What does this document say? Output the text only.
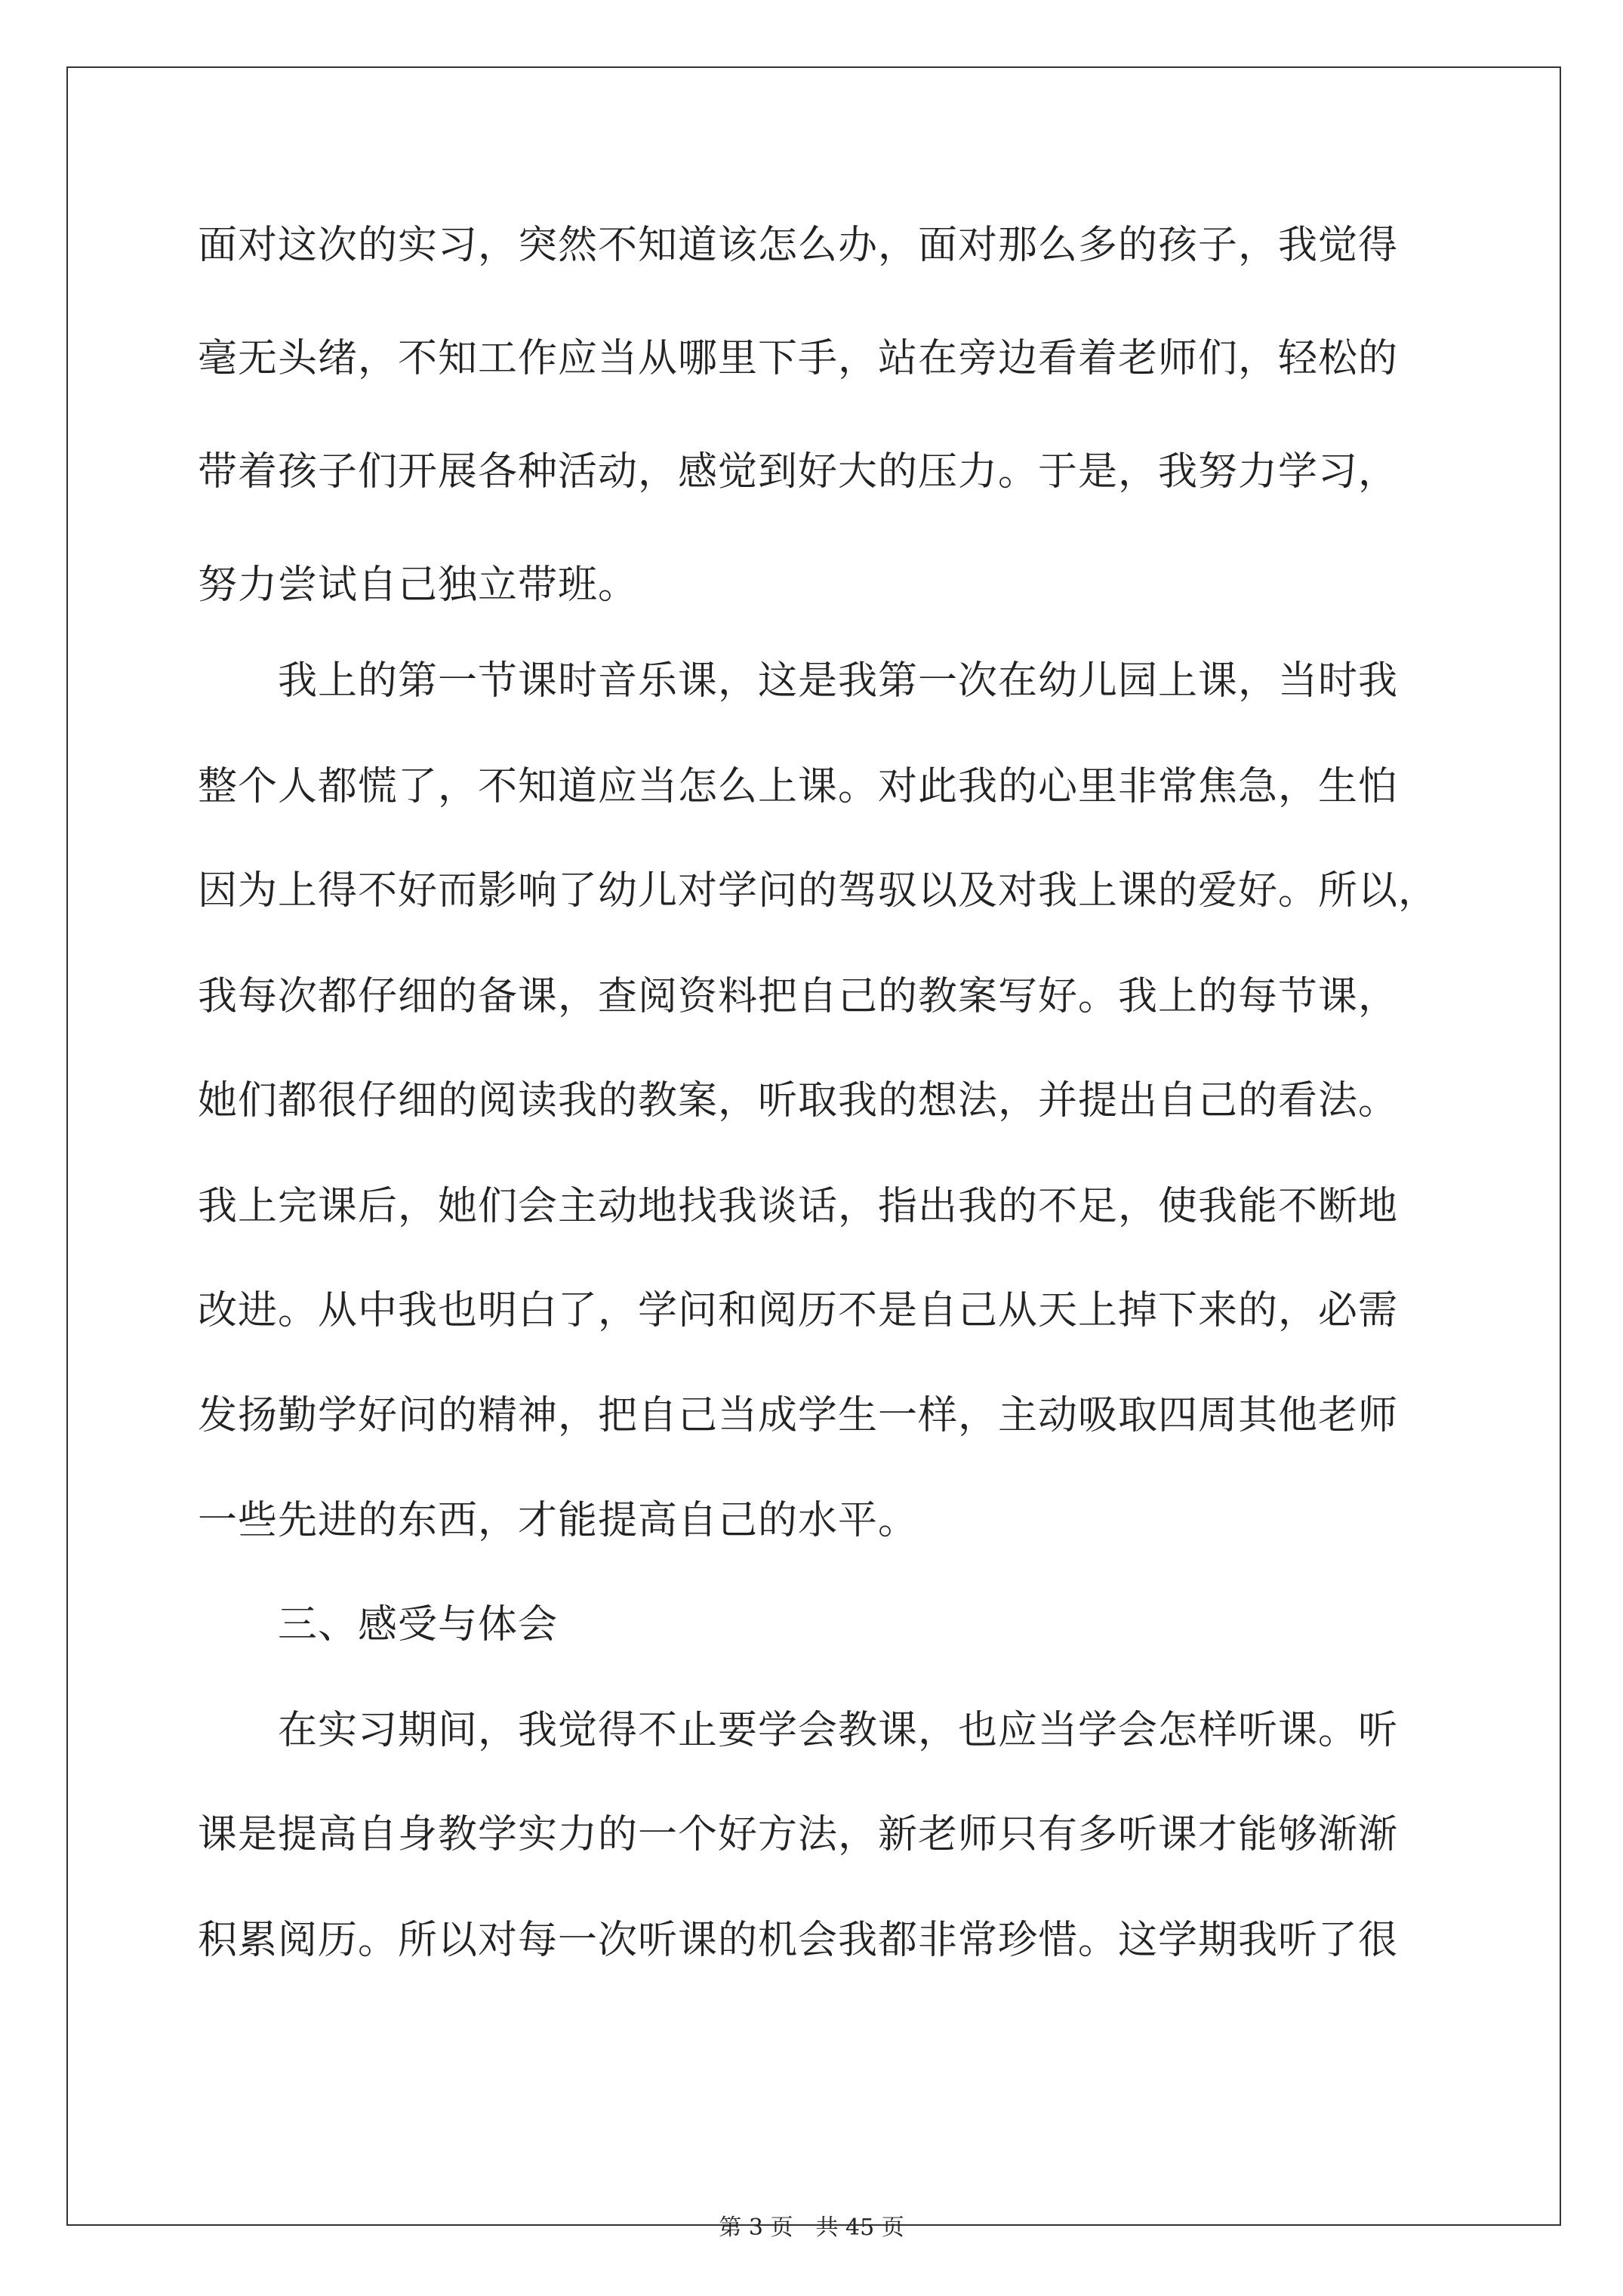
面对这次的实习，突然不知道该怎么办，面对那么多的孩子，我觉得
毫无头绪，不知工作应当从哪里下手，站在旁边看着老师们，轻松的
带着孩子们开展各种活动，感觉到好大的压力。于是，我努力学习，
努力尝试自己独立带班。
我上的第一节课时音乐课，这是我第一次在幼儿园上课，当时我
整个人都慌了，不知道应当怎么上课。对此我的心里非常焦急，生怕
因为上得不好而影响了幼儿对学问的驾驭以及对我上课的爱好。所以，
我每次都仔细的备课，查阅资料把自己的教案写好。我上的每节课，
她们都很仔细的阅读我的教案，听取我的想法，并提出自己的看法。
我上完课后，她们会主动地找我谈话，指出我的不足，使我能不断地
改进。从中我也明白了，学问和阅历不是自己从天上掉下来的，必需
发扬勤学好问的精神，把自己当成学生一样，主动吸取四周其他老师
一些先进的东西，才能提高自己的水平。
三、感受与体会
在实习期间，我觉得不止要学会教课，也应当学会怎样听课。听
课是提高自身教学实力的一个好方法，新老师只有多听课才能够渐渐
积累阅历。所以对每一次听课的机会我都非常珍惜。这学期我听了很
第 3 页　共 45 页
